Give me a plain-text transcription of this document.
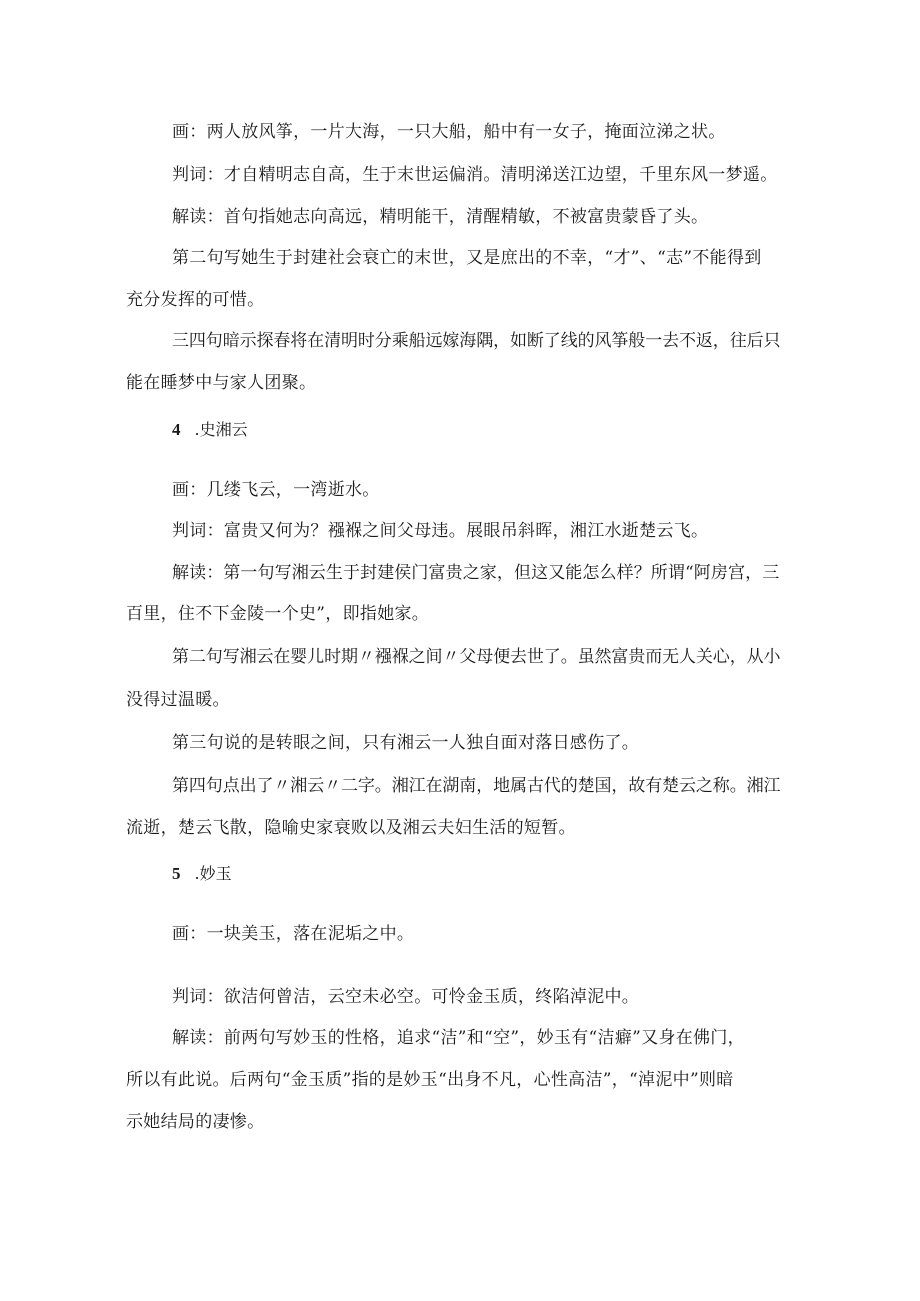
画：两人放风筝，一片大海，一只大船，船中有一女子，掩面泣涕之状。
判词：才自精明志自高，生于末世运偏消。清明涕送江边望，千里东风一梦遥。
解读：首句指她志向高远，精明能干，清醒精敏，不被富贵蒙昏了头。
第二句写她生于封建社会衰亡的末世，又是庶出的不幸，“才”、“志”不能得到
充分发挥的可惜。
三四句暗示探春将在清明时分乘船远嫁海隅，如断了线的风筝般一去不返，往后只
能在睡梦中与家人团聚。
4 .史湘云
画：几缕飞云，一湾逝水。
判词：富贵又何为？襁褓之间父母违。展眼吊斜晖，湘江水逝楚云飞。
解读：第一句写湘云生于封建侯门富贵之家，但这又能怎么样？所谓“阿房宫，三
百里，住不下金陵一个史”，即指她家。
第二句写湘云在婴儿时期〃襁褓之间〃父母便去世了。虽然富贵而无人关心，从小
没得过温暖。
第三句说的是转眼之间，只有湘云一人独自面对落日感伤了。
第四句点出了〃湘云〃二字。湘江在湖南，地属古代的楚国，故有楚云之称。湘江
流逝，楚云飞散，隐喻史家衰败以及湘云夫妇生活的短暂。
5 .妙玉
画：一块美玉，落在泥垢之中。
判词：欲洁何曾洁，云空未必空。可怜金玉质，终陷淖泥中。
解读：前两句写妙玉的性格，追求“洁”和“空”，妙玉有“洁癖”又身在佛门，
所以有此说。后两句“金玉质”指的是妙玉“出身不凡，心性高洁”，“淖泥中”则暗
示她结局的凄惨。
